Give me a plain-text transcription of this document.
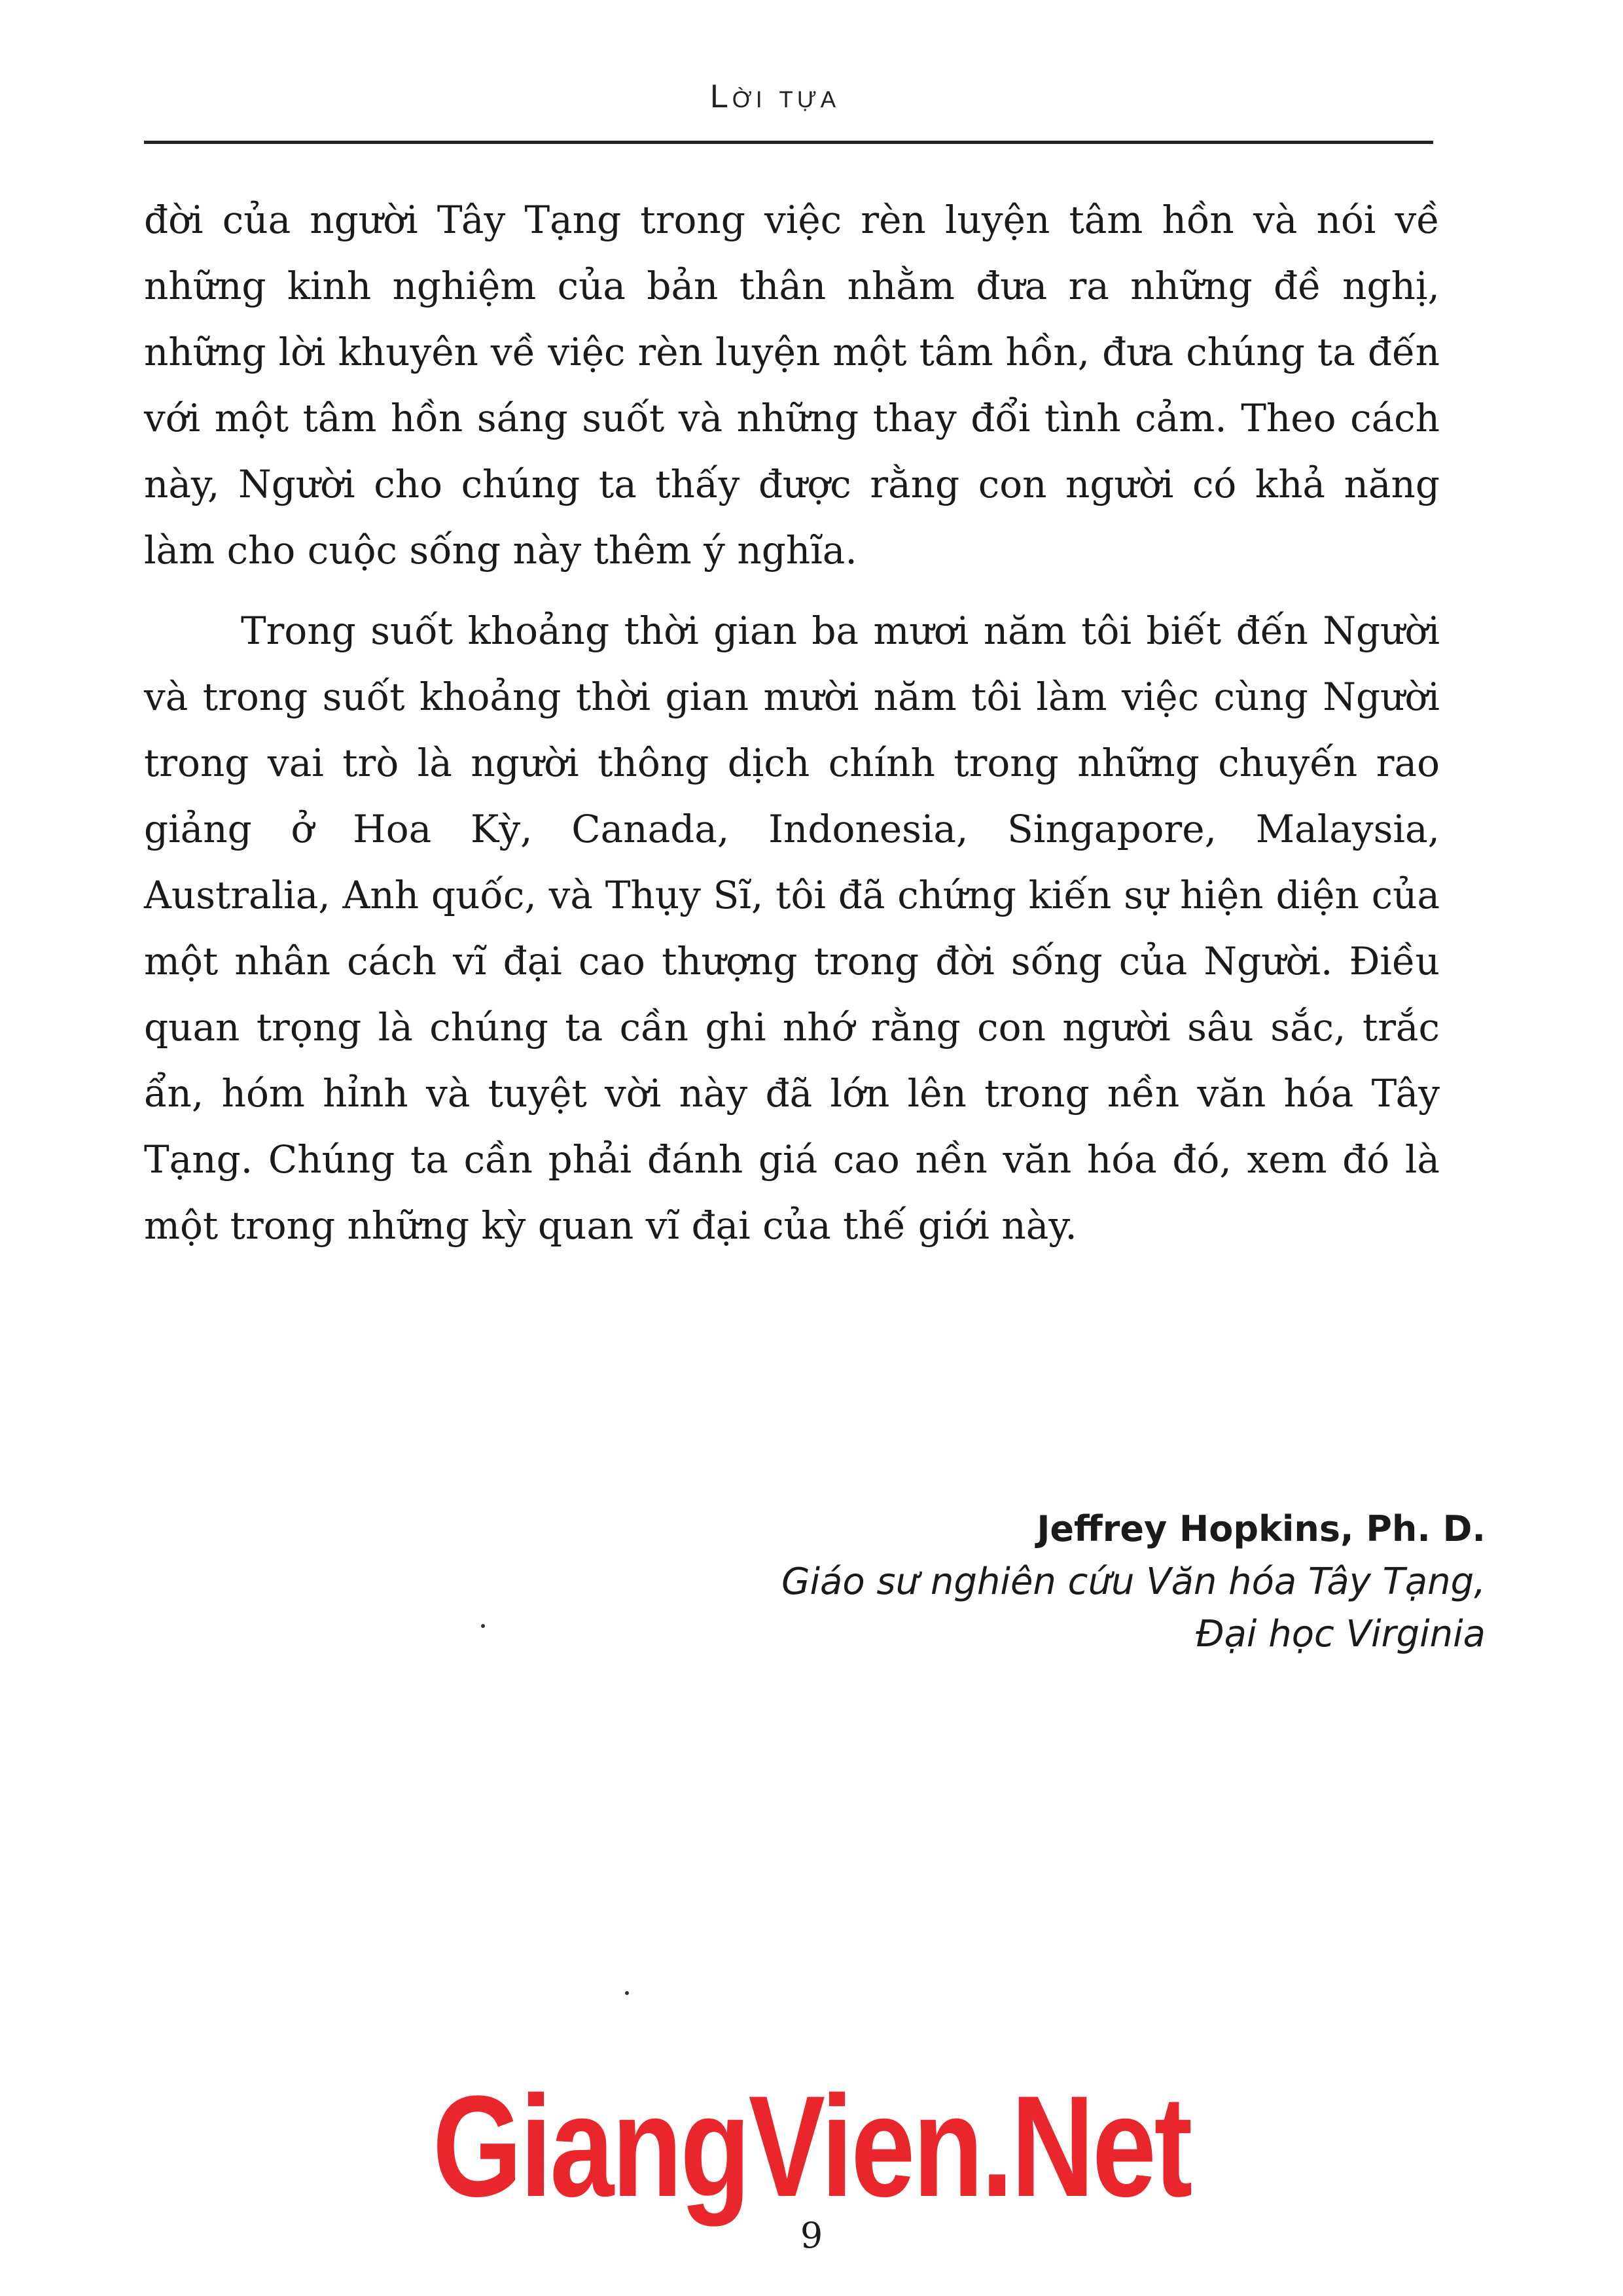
Lời tựa

đời của người Tây Tạng trong việc rèn luyện tâm hồn và nói về những kinh nghiệm của bản thân nhằm đưa ra những đề nghị, những lời khuyên về việc rèn luyện một tâm hồn, đưa chúng ta đến với một tâm hồn sáng suốt và những thay đổi tình cảm. Theo cách này, Người cho chúng ta thấy được rằng con người có khả năng làm cho cuộc sống này thêm ý nghĩa.

Trong suốt khoảng thời gian ba mươi năm tôi biết đến Người và trong suốt khoảng thời gian mười năm tôi làm việc cùng Người trong vai trò là người thông dịch chính trong những chuyến rao giảng ở Hoa Kỳ, Canada, Indonesia, Singapore, Malaysia, Australia, Anh quốc, và Thụy Sĩ, tôi đã chứng kiến sự hiện diện của một nhân cách vĩ đại cao thượng trong đời sống của Người. Điều quan trọng là chúng ta cần ghi nhớ rằng con người sâu sắc, trắc ẩn, hóm hỉnh và tuyệt vời này đã lớn lên trong nền văn hóa Tây Tạng. Chúng ta cần phải đánh giá cao nền văn hóa đó, xem đó là một trong những kỳ quan vĩ đại của thế giới này.

Jeffrey Hopkins, Ph. D.
Giáo sư nghiên cứu Văn hóa Tây Tạng,
Đại học Virginia
GiangVien.Net
9
